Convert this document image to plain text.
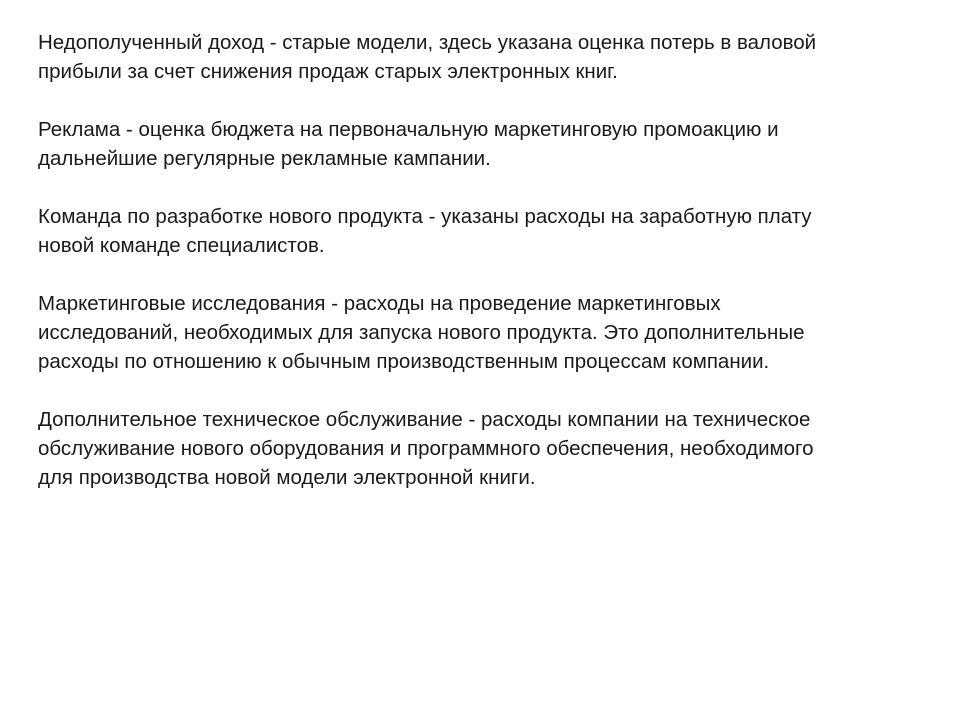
Недополученный доход - старые модели, здесь указана оценка потерь в валовой
прибыли за счет снижения продаж старых электронных книг.

Реклама - оценка бюджета на первоначальную маркетинговую промоакцию и
дальнейшие регулярные рекламные кампании.

Команда по разработке нового продукта - указаны расходы на заработную плату
новой команде специалистов.

Маркетинговые исследования - расходы на проведение маркетинговых
исследований, необходимых для запуска нового продукта. Это дополнительные
расходы по отношению к обычным производственным процессам компании.

Дополнительное техническое обслуживание - расходы компании на техническое
обслуживание нового оборудования и программного обеспечения, необходимого
для производства новой модели электронной книги.
